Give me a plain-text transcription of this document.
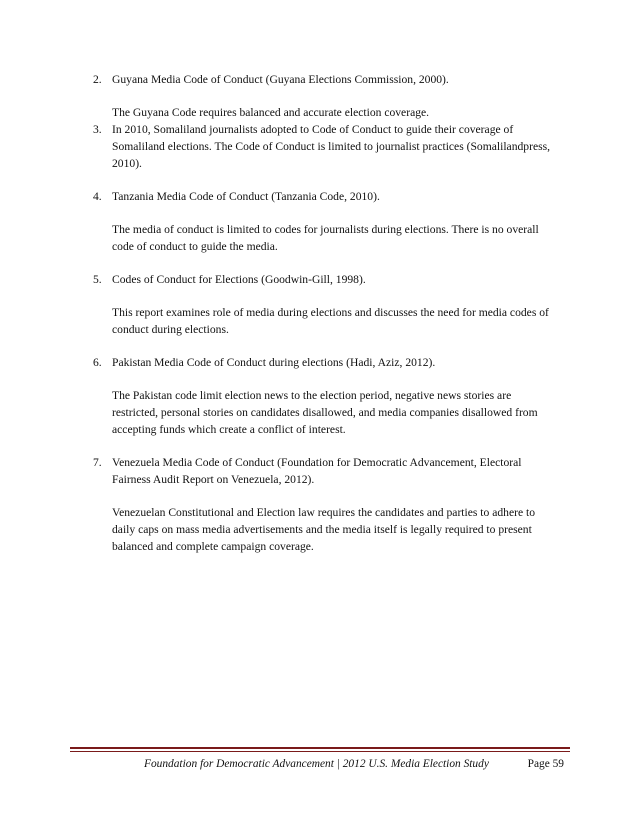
2. Guyana Media Code of Conduct (Guyana Elections Commission, 2000).
The Guyana Code requires balanced and accurate election coverage.
3. In 2010, Somaliland journalists adopted to Code of Conduct to guide their coverage of Somaliland elections. The Code of Conduct is limited to journalist practices (Somalilandpress, 2010).
4. Tanzania Media Code of Conduct (Tanzania Code, 2010).
The media of conduct is limited to codes for journalists during elections. There is no overall code of conduct to guide the media.
5. Codes of Conduct for Elections (Goodwin-Gill, 1998).
This report examines role of media during elections and discusses the need for media codes of conduct during elections.
6. Pakistan Media Code of Conduct during elections (Hadi, Aziz, 2012).
The Pakistan code limit election news to the election period, negative news stories are restricted, personal stories on candidates disallowed, and media companies disallowed from accepting funds which create a conflict of interest.
7. Venezuela Media Code of Conduct (Foundation for Democratic Advancement, Electoral Fairness Audit Report on Venezuela, 2012).
Venezuelan Constitutional and Election law requires the candidates and parties to adhere to daily caps on mass media advertisements and the media itself is legally required to present balanced and complete campaign coverage.
Foundation for Democratic Advancement | 2012 U.S. Media Election Study	Page 59
